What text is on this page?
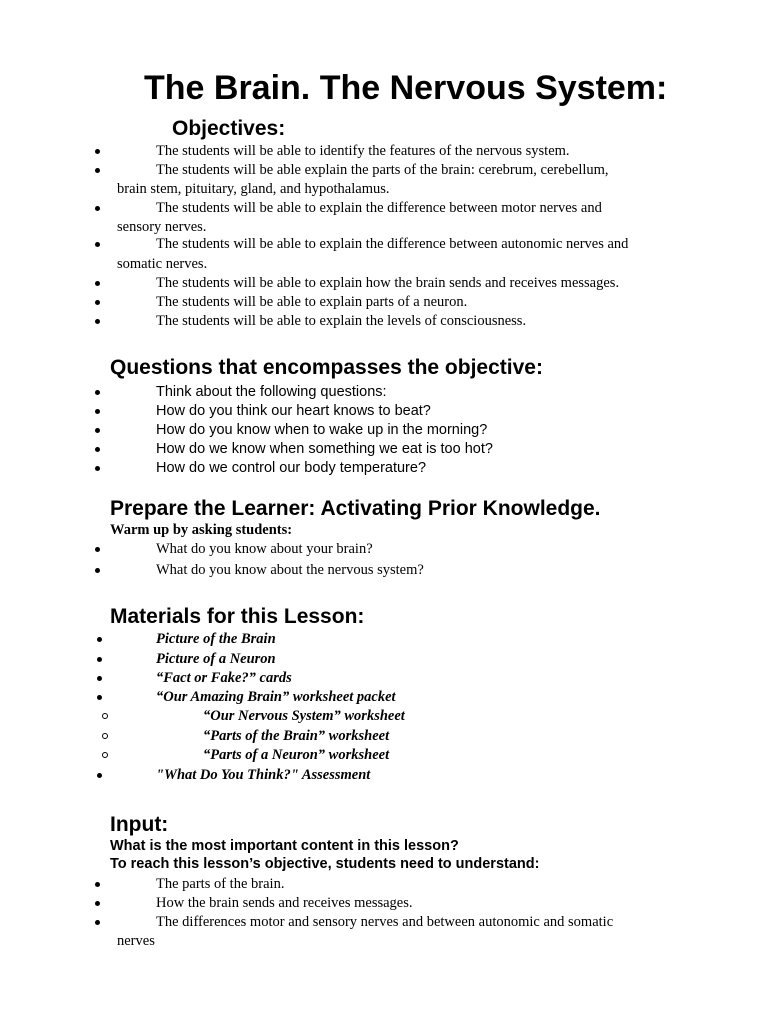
The Brain. The Nervous System:
Objectives:
The students will be able to identify the features of the nervous system.
The students will be able explain the parts of the brain: cerebrum, cerebellum,
brain stem, pituitary, gland, and hypothalamus.
The students will be able to explain the difference between motor nerves and
sensory nerves.
The students will be able to explain the difference between autonomic nerves and
somatic nerves.
The students will be able to explain how the brain sends and receives messages.
The students will be able to explain parts of a neuron.
The students will be able to explain the levels of consciousness.
Questions that encompasses the objective:
Think about the following questions:
How do you think our heart knows to beat?
How do you know when to wake up in the morning?
How do we know when something we eat is too hot?
How do we control our body temperature?
Prepare the Learner: Activating Prior Knowledge.
Warm up by asking students:
What do you know about your brain?
What do you know about the nervous system?
Materials for this Lesson:
Picture of the Brain
Picture of a Neuron
“Fact or Fake?” cards
“Our Amazing Brain” worksheet packet
“Our Nervous System” worksheet
“Parts of the Brain” worksheet
“Parts of a Neuron” worksheet
"What Do You Think?" Assessment
Input:
What is the most important content in this lesson?
To reach this lesson’s objective, students need to understand:
The parts of the brain.
How the brain sends and receives messages.
The differences motor and sensory nerves and between autonomic and somatic
nerves
